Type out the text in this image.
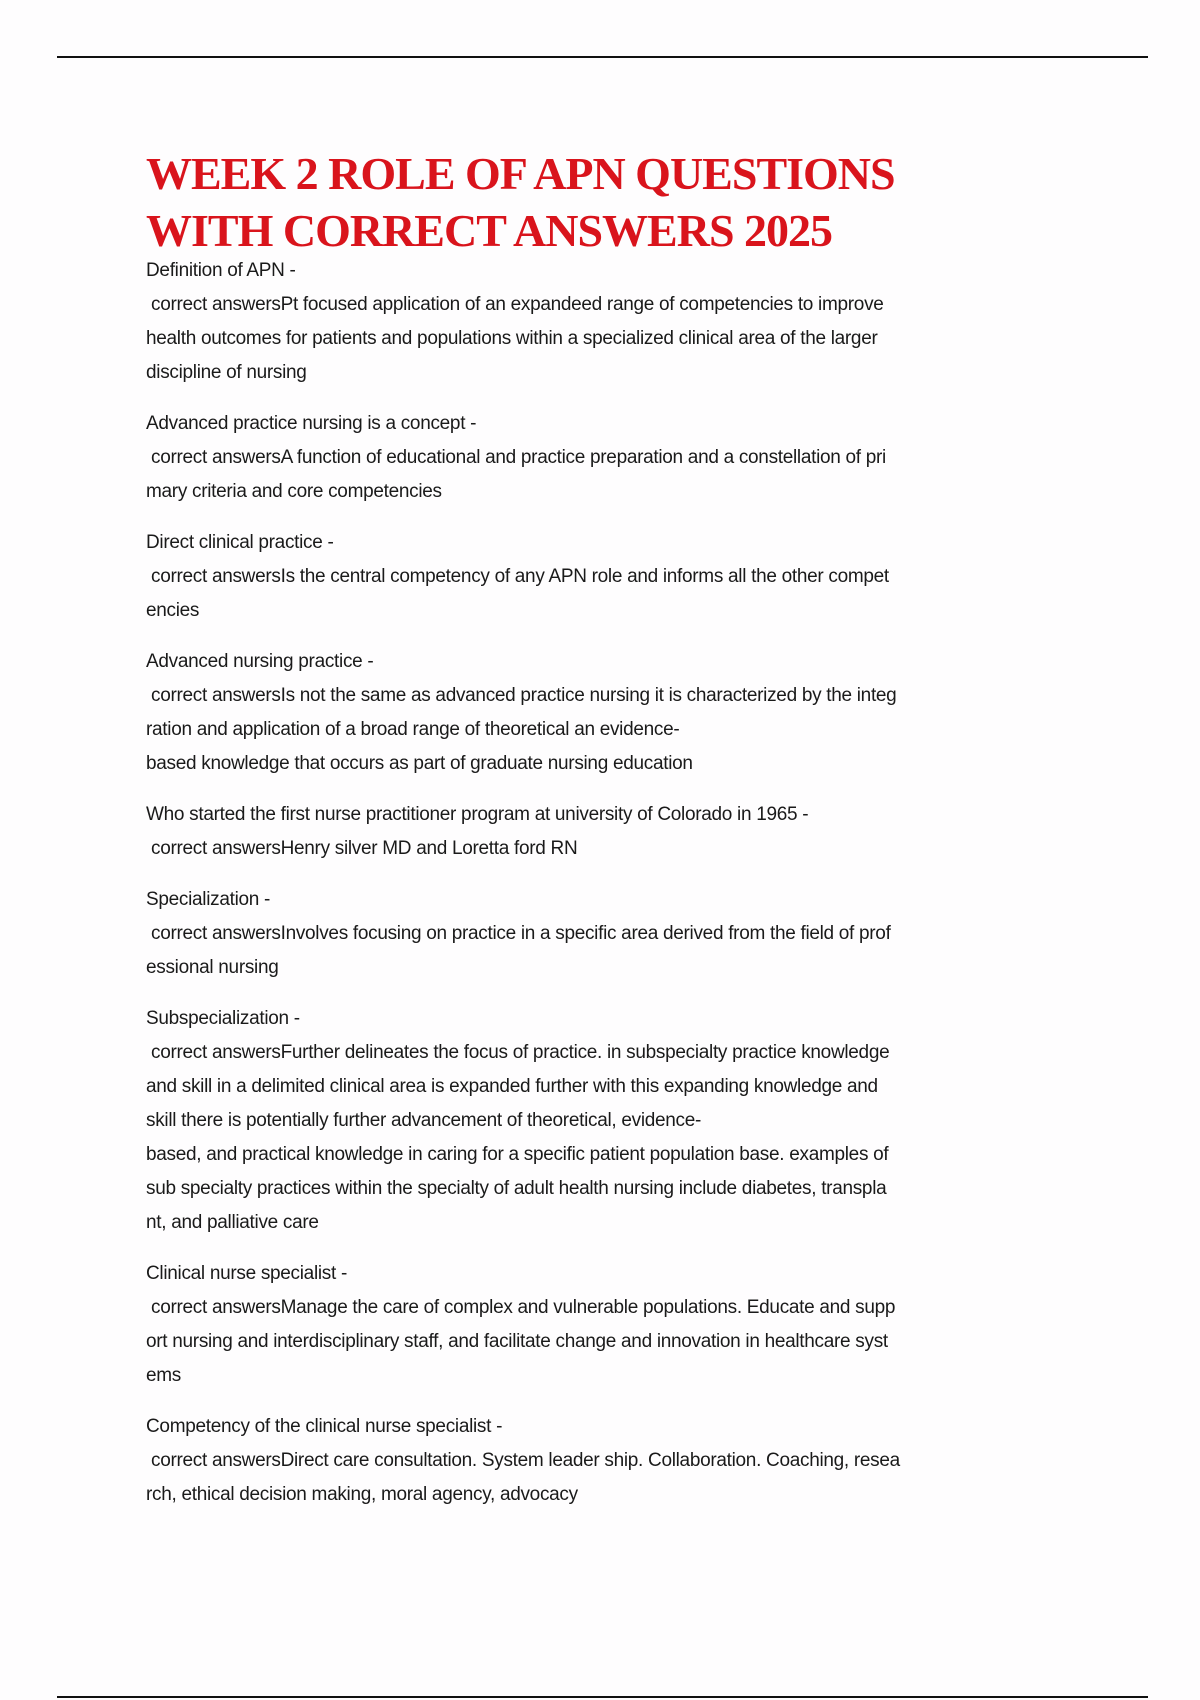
WEEK 2 ROLE OF APN QUESTIONS
WITH CORRECT ANSWERS 2025
Definition of APN -
correct answersPt focused application of an expandeed range of competencies to improve
health outcomes for patients and populations within a specialized clinical area of the larger
discipline of nursing
Advanced practice nursing is a concept -
correct answersA function of educational and practice preparation and a constellation of pri
mary criteria and core competencies
Direct clinical practice -
correct answersIs the central competency of any APN role and informs all the other compet
encies
Advanced nursing practice -
correct answersIs not the same as advanced practice nursing it is characterized by the integ
ration and application of a broad range of theoretical an evidence-
based knowledge that occurs as part of graduate nursing education
Who started the first nurse practitioner program at university of Colorado in 1965 -
correct answersHenry silver MD and Loretta ford RN
Specialization -
correct answersInvolves focusing on practice in a specific area derived from the field of prof
essional nursing
Subspecialization -
correct answersFurther delineates the focus of practice. in subspecialty practice knowledge
and skill in a delimited clinical area is expanded further with this expanding knowledge and
skill there is potentially further advancement of theoretical, evidence-
based, and practical knowledge in caring for a specific patient population base. examples of
sub specialty practices within the specialty of adult health nursing include diabetes, transpla
nt, and palliative care
Clinical nurse specialist -
correct answersManage the care of complex and vulnerable populations. Educate and supp
ort nursing and interdisciplinary staff, and facilitate change and innovation in healthcare syst
ems
Competency of the clinical nurse specialist -
correct answersDirect care consultation. System leader ship. Collaboration. Coaching, resea
rch, ethical decision making, moral agency, advocacy
